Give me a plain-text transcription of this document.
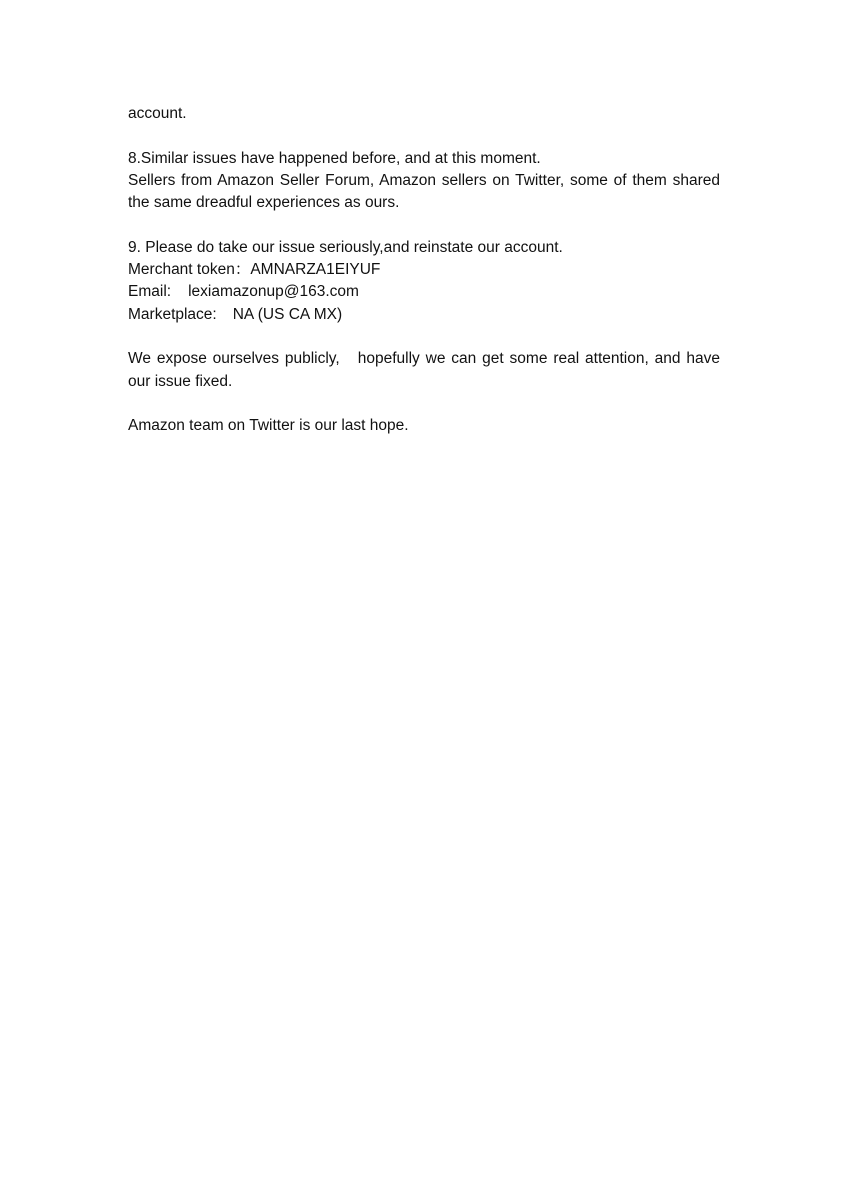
account.
8.Similar issues have happened before, and at this moment.
Sellers from Amazon Seller Forum, Amazon sellers on Twitter, some of them shared
the same dreadful experiences as ours.
9. Please do take our issue seriously,and reinstate our account.
Merchant token：AMNARZA1EIYUF
Email: lexiamazonup@163.com
Marketplace: NA (US CA MX)
We expose ourselves publicly, hopefully we can get some real attention, and have
our issue fixed.
Amazon team on Twitter is our last hope.
